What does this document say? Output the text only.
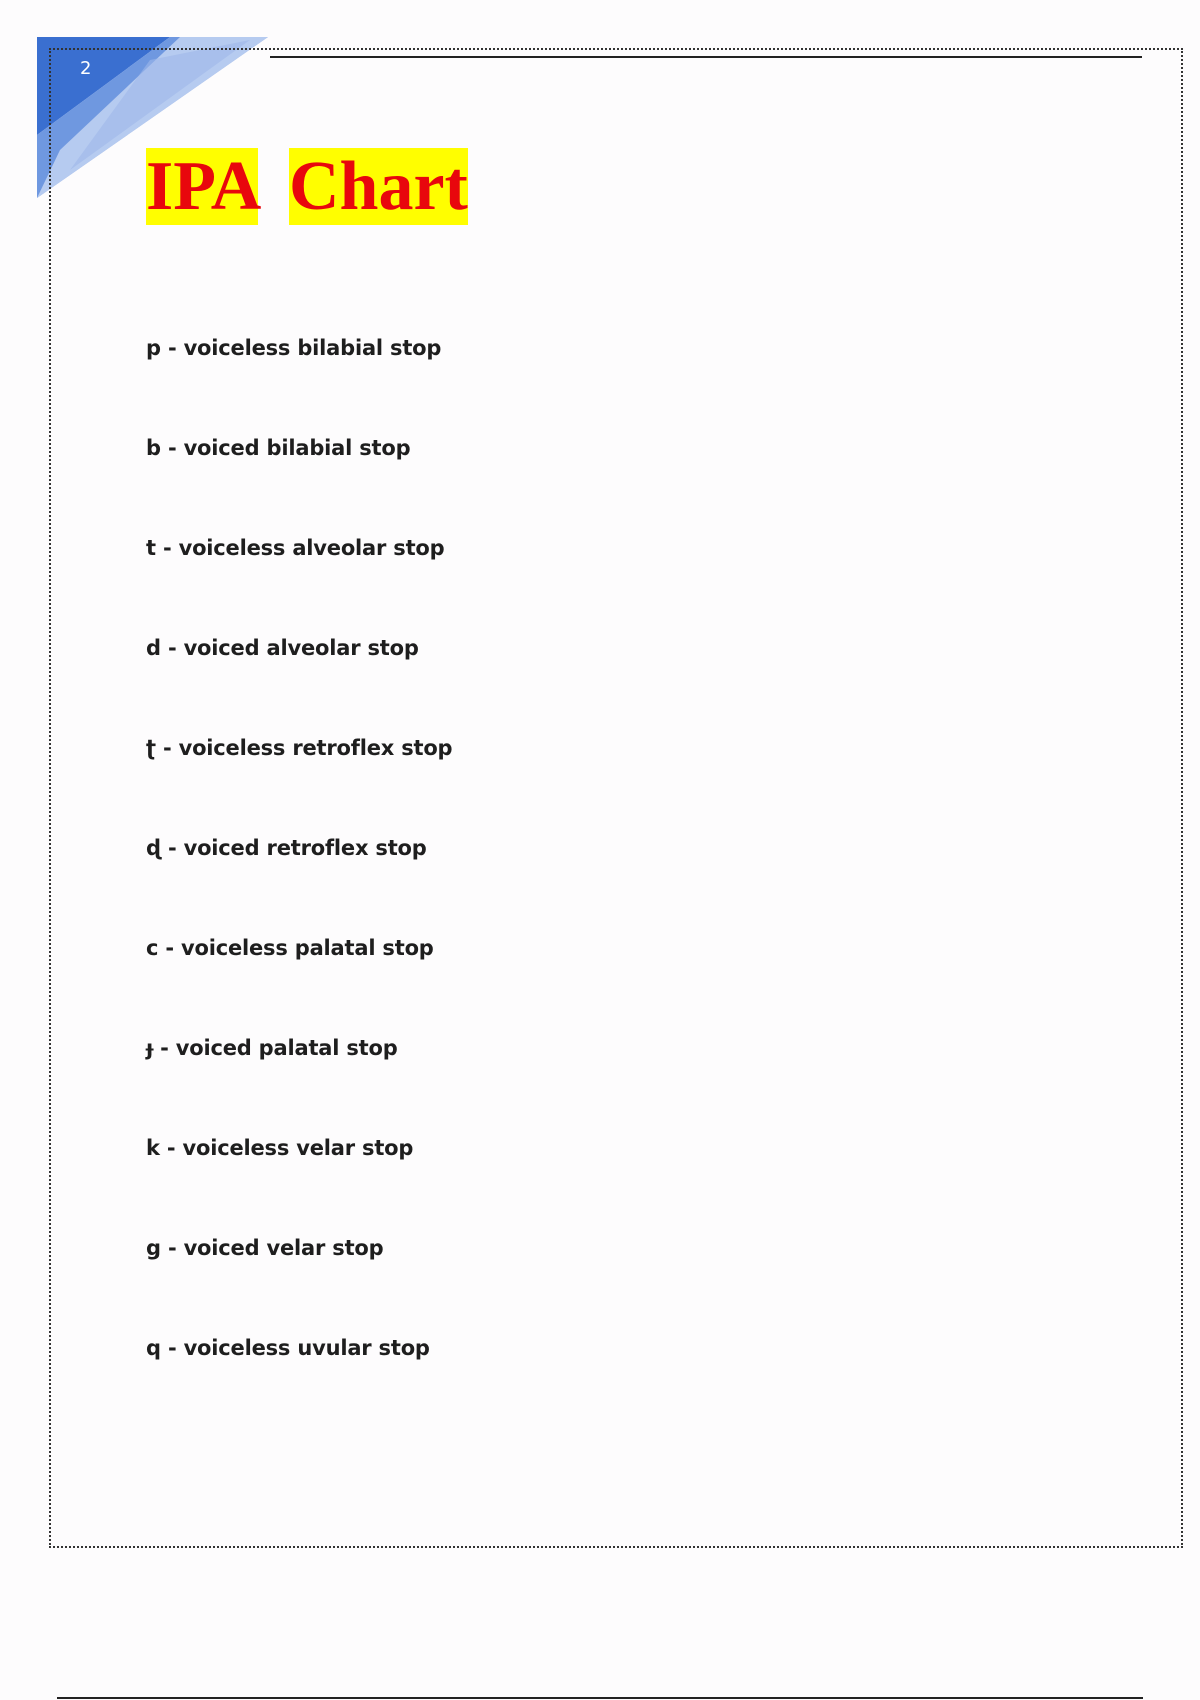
2
IPA Chart
p - voiceless bilabial stop
b - voiced bilabial stop
t - voiceless alveolar stop
d - voiced alveolar stop
ʈ - voiceless retroflex stop
ɖ - voiced retroflex stop
c - voiceless palatal stop
ɟ - voiced palatal stop
k - voiceless velar stop
g - voiced velar stop
q - voiceless uvular stop
